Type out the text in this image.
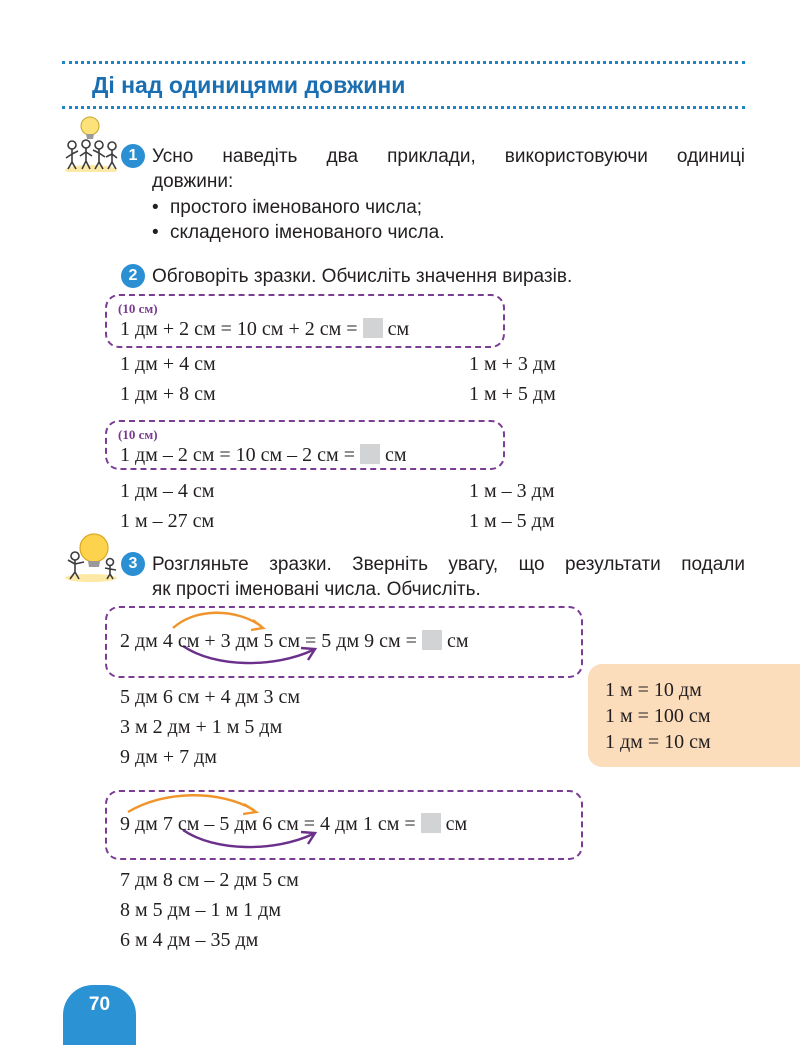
Ді над одиницями довжини
1 Усно наведіть два приклади, використовуючи одиниці
довжини:
• простого іменованого числа;
• складеного іменованого числа.
2 Обговоріть зразки. Обчисліть значення виразів.
(10 см)
1 дм + 2 см = 10 см + 2 см =  см
1 дм + 4 см	1 м + 3 дм
1 дм + 8 см	1 м + 5 дм
(10 см)
1 дм – 2 см = 10 см – 2 см =  см
1 дм – 4 см	1 м – 3 дм
1 м – 27 см	1 м – 5 дм
3 Розгляньте зразки. Зверніть увагу, що результати подали
як прості іменовані числа. Обчисліть.
2 дм 4 см + 3 дм 5 см = 5 дм 9 см =  см
5 дм 6 см + 4 дм 3 см
3 м 2 дм + 1 м 5 дм
9 дм + 7 дм
1 м = 10 дм
1 м = 100 см
1 дм = 10 см
9 дм 7 см – 5 дм 6 см = 4 дм 1 см =  см
7 дм 8 см – 2 дм 5 см
8 м 5 дм – 1 м 1 дм
6 м 4 дм – 35 дм
70
